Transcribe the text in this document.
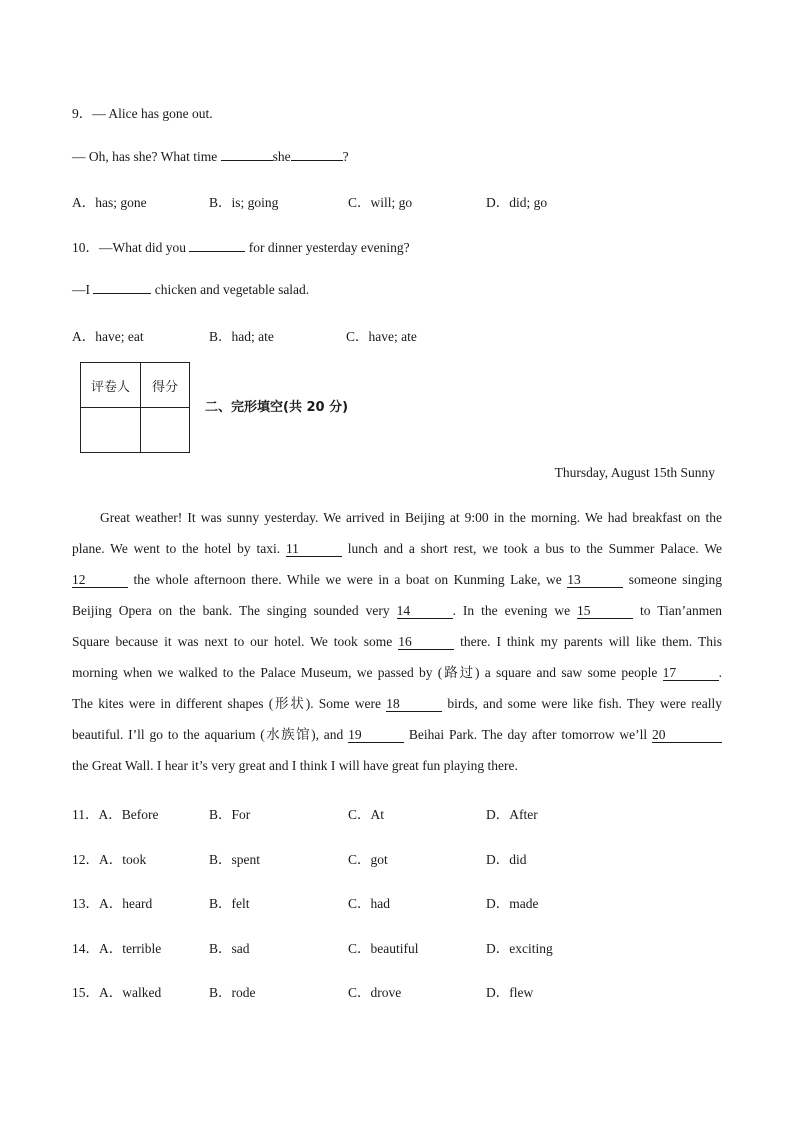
9．— Alice has gone out.
— Oh, has she? What time	she	?
A．has; gone	B．is; going	C．will; go	D．did; go
10．—What did you	for dinner yesterday evening?
—I	chicken and vegetable salad.
A．have; eat	B．had; ate	C．have; ate
评卷人	得分

二、完形填空(共 20 分)
Thursday, August 15th Sunny

Great weather! It was sunny yesterday. We arrived in Beijing at 9:00 in the morning. We had breakfast on the

plane. We went to the hotel by taxi. 11	lunch and a short rest, we took a bus to the Summer Palace. We

12	the whole afternoon there. While we were in a boat on Kunming Lake, we 13	someone singing

Beijing Opera on the bank. The singing sounded very 14	. In the evening we 15	to Tian’anmen

Square because it was next to our hotel. We took some 16	there. I think my parents will like them. This

morning when we walked to the Palace Museum, we passed by (路过) a square and saw some people 17	.

The kites were in different shapes (形状). Some were 18	birds, and some were like fish. They were really

beautiful. I’ll go to the aquarium (水族馆), and 19	Beihai Park. The day after tomorrow we’ll 20

the Great Wall. I hear it’s very great and I think I will have great fun playing there.

11．A．Before	B．For	C．At	D．After
12．A．took	B．spent	C．got	D．did
13．A．heard	B．felt	C．had	D．made
14．A．terrible	B．sad	C．beautiful	D．exciting
15．A．walked	B．rode	C．drove	D．flew
